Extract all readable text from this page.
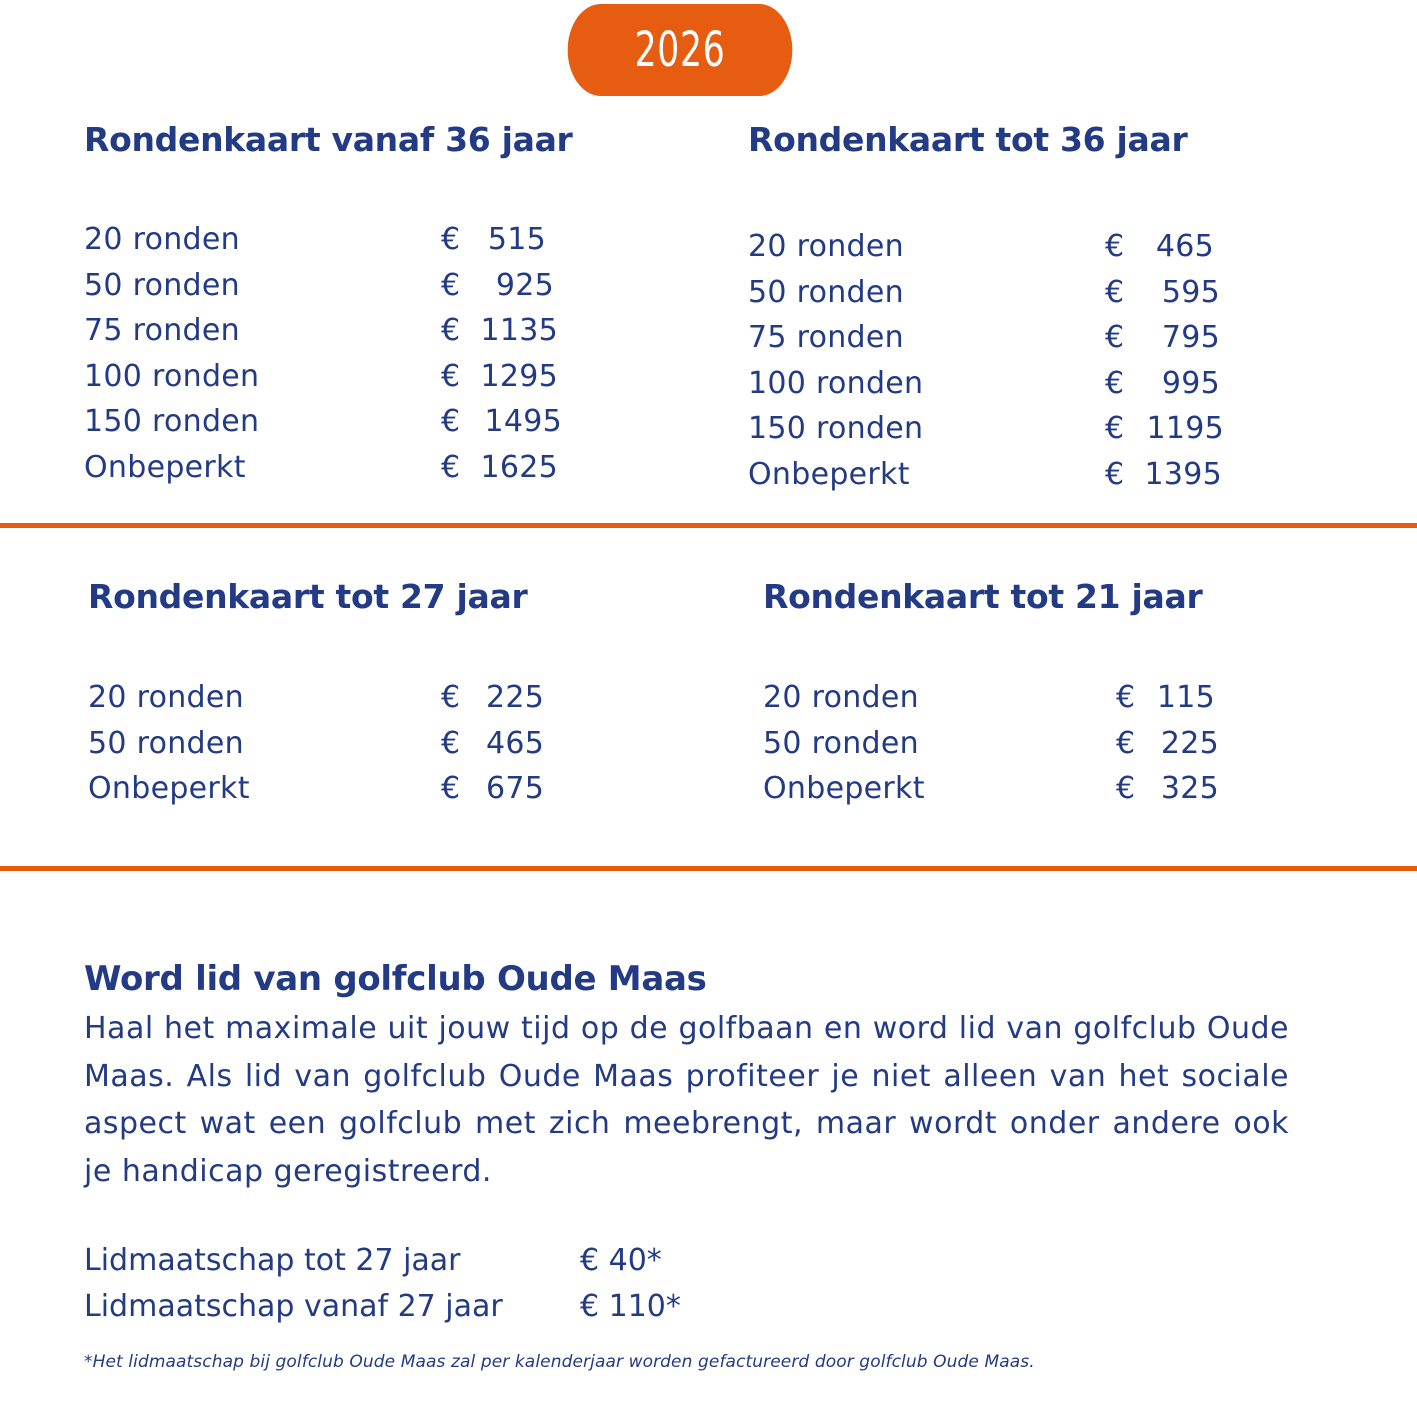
2026
Rondenkaart vanaf 36 jaar
20 ronden	€ 515
50 ronden	€	925
75 ronden	€ 1135
100 ronden	€ 1295
150 ronden	€ 1495
Onbeperkt	€ 1625
Rondenkaart tot 36 jaar
20 ronden	€	465
50 ronden	€	595
75 ronden	€	795
100 ronden	€	995
150 ronden	€ 1195
Onbeperkt	€ 1395
Rondenkaart tot 27 jaar
20 ronden	€ 225
50 ronden	€ 465
Onbeperkt	€ 675
Rondenkaart tot 21 jaar
20 ronden	€ 115
50 ronden	€ 225
Onbeperkt	€ 325
Word lid van golfclub Oude Maas

Haal het maximale uit jouw tijd op de golfbaan en word lid van golfclub Oude Maas. Als lid van golfclub Oude Maas profiteer je niet alleen van het sociale aspect wat een golfclub met zich meebrengt, maar wordt onder andere ook je handicap geregistreerd.

Lidmaatschap tot 27 jaar	€ 40*
Lidmaatschap vanaf 27 jaar	€ 110*

*Het lidmaatschap bij golfclub Oude Maas zal per kalenderjaar worden gefactureerd door golfclub Oude Maas.
